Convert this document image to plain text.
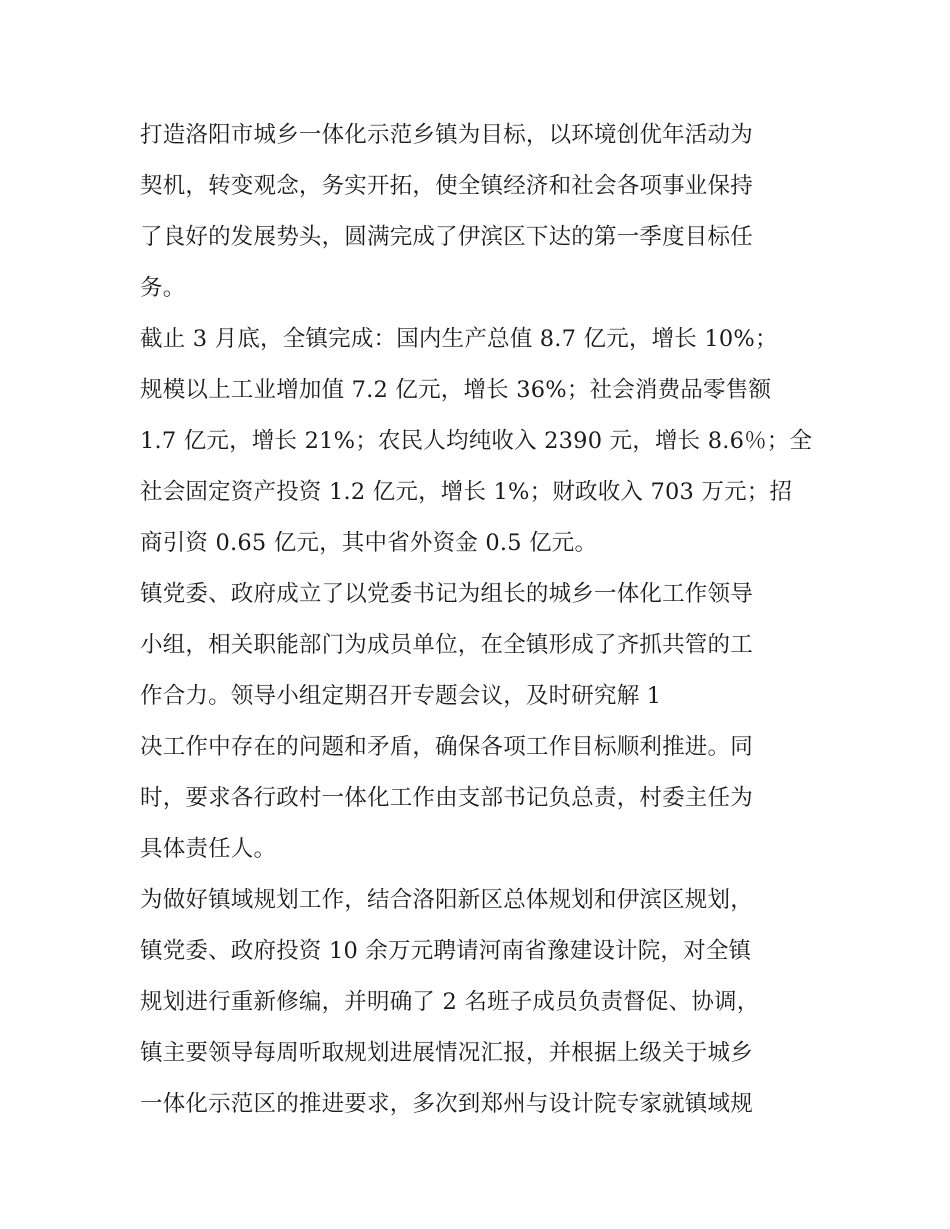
打造洛阳市城乡一体化示范乡镇为目标，以环境创优年活动为
契机，转变观念，务实开拓，使全镇经济和社会各项事业保持
了良好的发展势头，圆满完成了伊滨区下达的第一季度目标任
务。
截止 3 月底，全镇完成：国内生产总值 8.7 亿元，增长 10%；
规模以上工业增加值 7.2 亿元，增长 36%；社会消费品零售额
1.7 亿元，增长 21%；农民人均纯收入 2390 元，增长 8.6％；全
社会固定资产投资 1.2 亿元，增长 1%；财政收入 703 万元；招
商引资 0.65 亿元，其中省外资金 0.5 亿元。
镇党委、政府成立了以党委书记为组长的城乡一体化工作领导
小组，相关职能部门为成员单位，在全镇形成了齐抓共管的工
作合力。领导小组定期召开专题会议，及时研究解 1
决工作中存在的问题和矛盾，确保各项工作目标顺利推进。同
时，要求各行政村一体化工作由支部书记负总责，村委主任为
具体责任人。
为做好镇域规划工作，结合洛阳新区总体规划和伊滨区规划，
镇党委、政府投资 10 余万元聘请河南省豫建设计院，对全镇
规划进行重新修编，并明确了 2 名班子成员负责督促、协调，
镇主要领导每周听取规划进展情况汇报，并根据上级关于城乡
一体化示范区的推进要求，多次到郑州与设计院专家就镇域规
